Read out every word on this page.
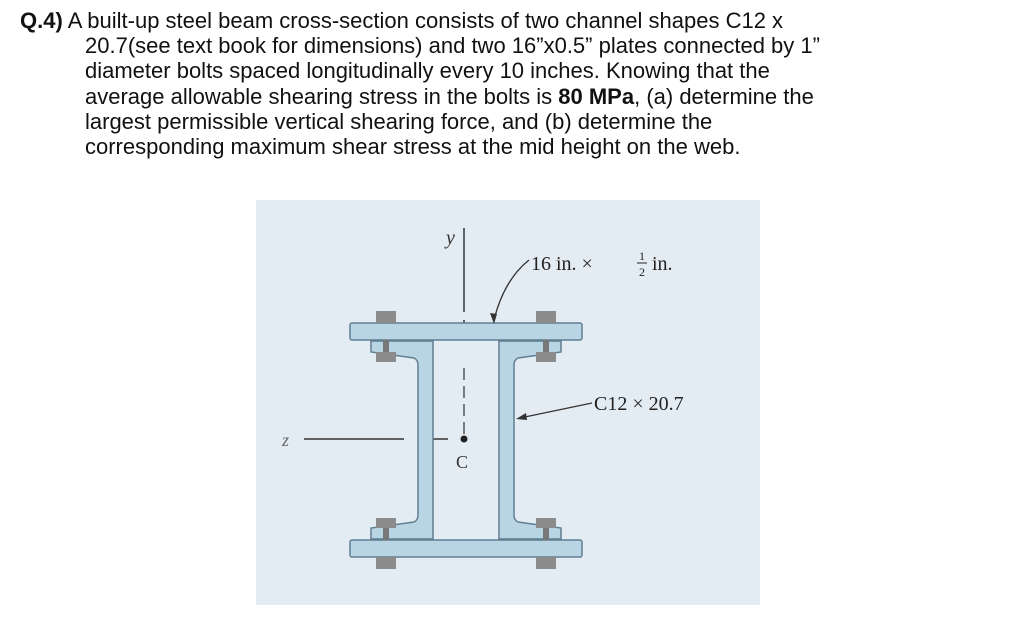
Q.4) A built-up steel beam cross-section consists of two channel shapes C12 x

20.7(see text book for dimensions) and two 16”x0.5” plates connected by 1”

diameter bolts spaced longitudinally every 10 inches. Knowing that the

average allowable shearing stress in the bolts is 80 MPa, (a) determine the

largest permissible vertical shearing force, and (b) determine the

corresponding maximum shear stress at the mid height on the web.

y
z
C
16 in. ×	1
2 in.
C12 × 20.7
